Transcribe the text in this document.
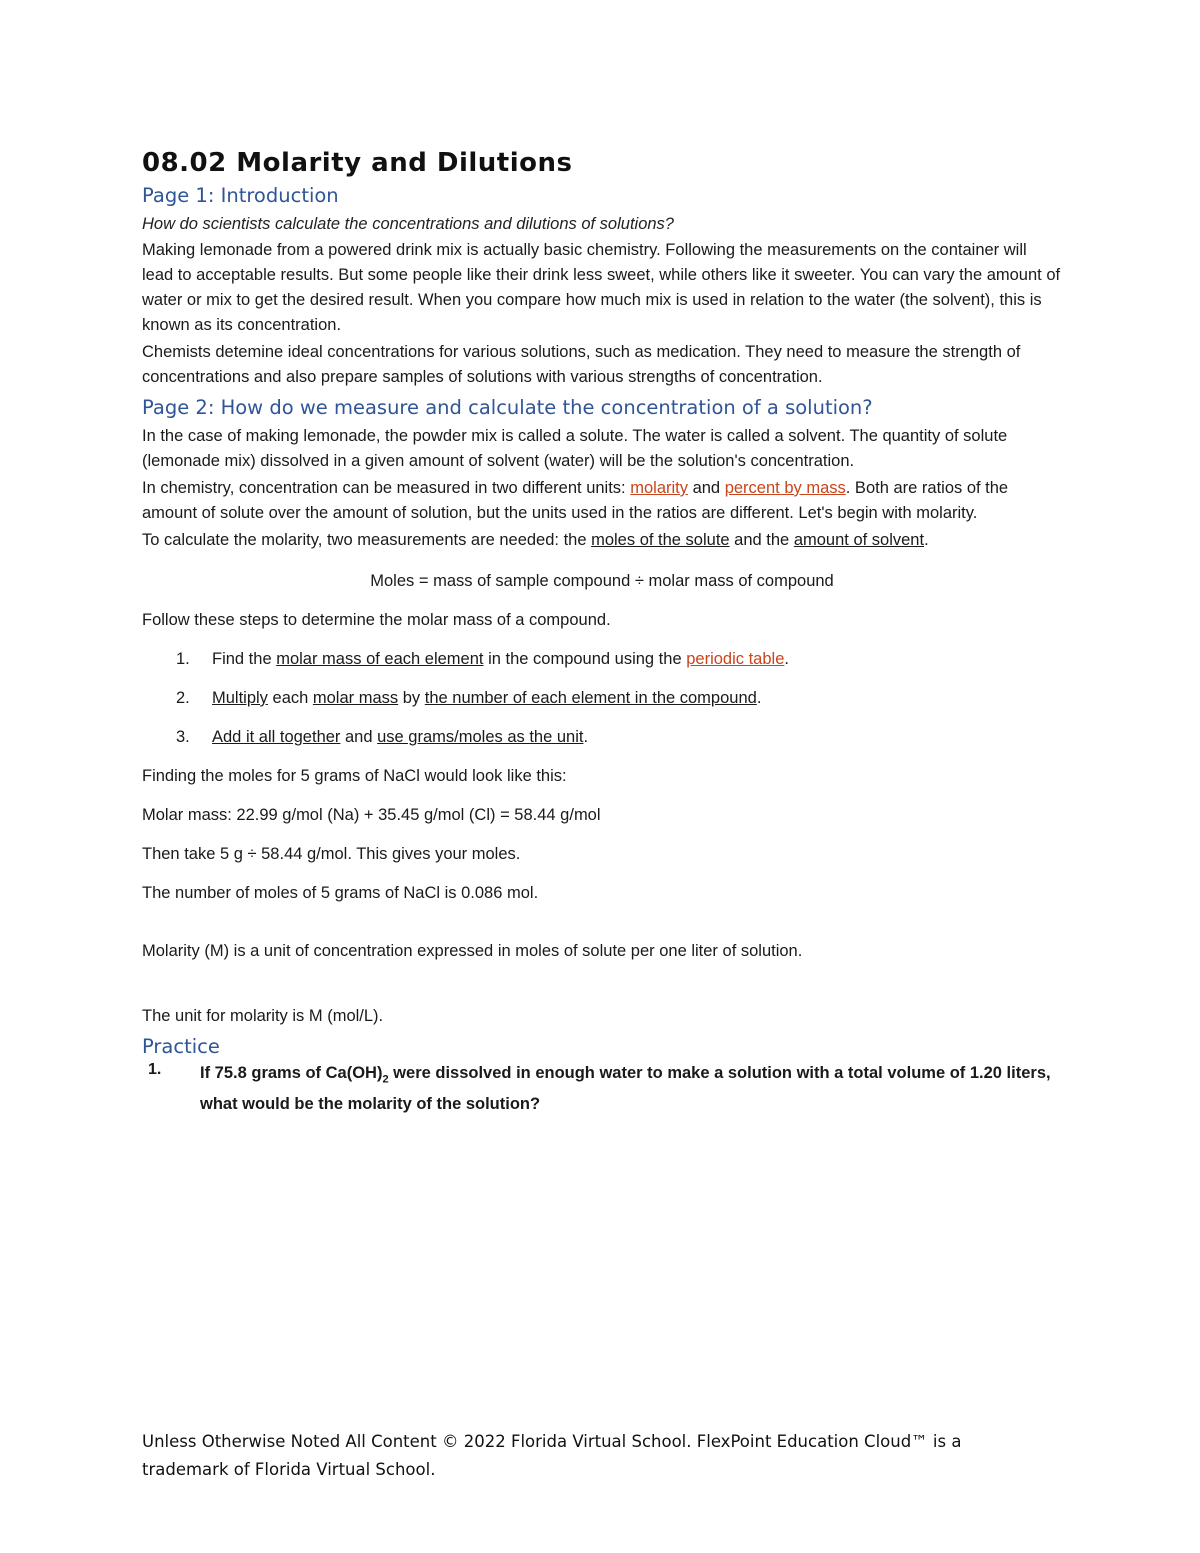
08.02 Molarity and Dilutions
Page 1: Introduction
How do scientists calculate the concentrations and dilutions of solutions?

Making lemonade from a powered drink mix is actually basic chemistry. Following the measurements on the container will lead to acceptable results. But some people like their drink less sweet, while others like it sweeter. You can vary the amount of water or mix to get the desired result. When you compare how much mix is used in relation to the water (the solvent), this is known as its concentration.

Chemists detemine ideal concentrations for various solutions, such as medication. They need to measure the strength of concentrations and also prepare samples of solutions with various strengths of concentration.

Page 2: How do we measure and calculate the concentration of a solution?

In the case of making lemonade, the powder mix is called a solute. The water is called a solvent. The quantity of solute (lemonade mix) dissolved in a given amount of solvent (water) will be the solution's concentration.

In chemistry, concentration can be measured in two different units: molarity and percent by mass. Both are ratios of the amount of solute over the amount of solution, but the units used in the ratios are different. Let's begin with molarity.

To calculate the molarity, two measurements are needed: the moles of the solute and the amount of solvent.

Moles = mass of sample compound ÷ molar mass of compound

Follow these steps to determine the molar mass of a compound.

1.	Find the molar mass of each element in the compound using the periodic table.
2.	Multiply each molar mass by the number of each element in the compound.
3.	Add it all together and use grams/moles as the unit.

Finding the moles for 5 grams of NaCl would look like this:

Molar mass: 22.99 g/mol (Na) + 35.45 g/mol (Cl) = 58.44 g/mol

Then take 5 g ÷ 58.44 g/mol. This gives your moles.

The number of moles of 5 grams of NaCl is 0.086 mol.

Molarity (M) is a unit of concentration expressed in moles of solute per one liter of solution.

The unit for molarity is M (mol/L).

Practice
1.	If 75.8 grams of $Ca(OH)_2$ were dissolved in enough water to make a solution with a total volume of 1.20 liters, what would be the molarity of the solution?
Unless Otherwise Noted All Content © 2022 Florida Virtual School. FlexPoint Education Cloud™ is a trademark of Florida Virtual School.
